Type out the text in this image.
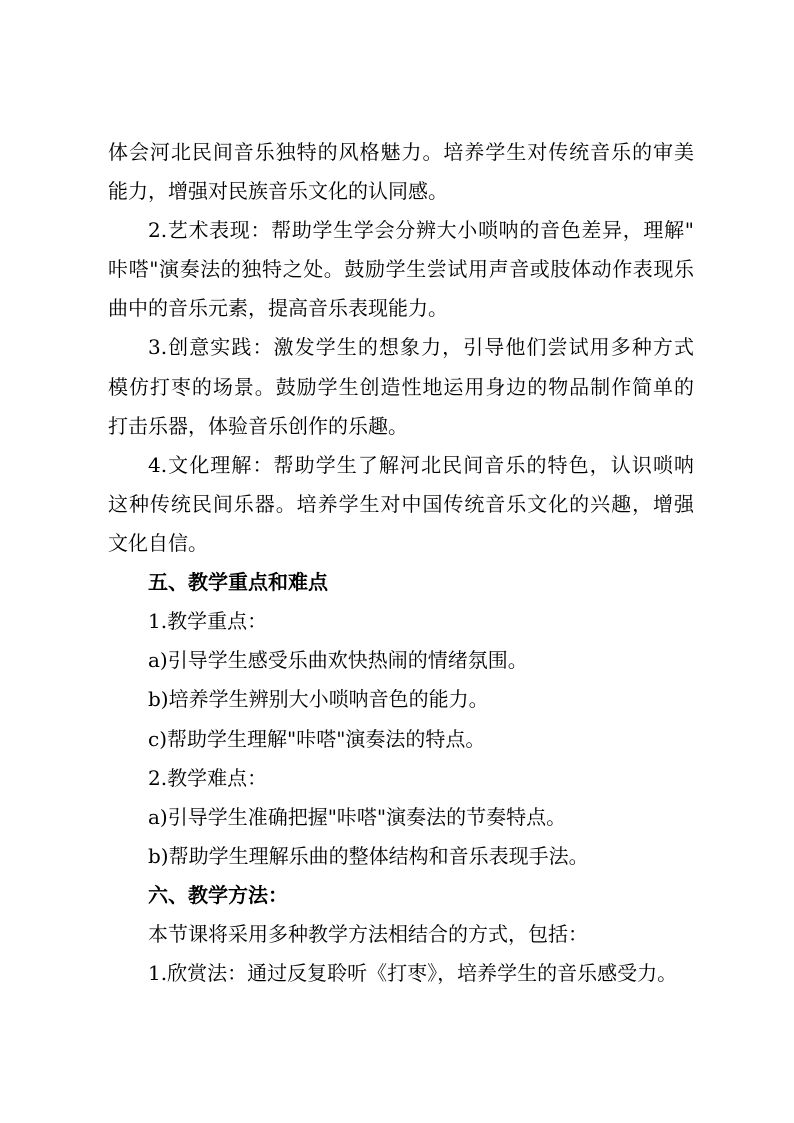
体会河北民间音乐独特的风格魅力。培养学生对传统音乐的审美
能力，增强对民族音乐文化的认同感。
2.艺术表现：帮助学生学会分辨大小唢呐的音色差异，理解"
咔嗒"演奏法的独特之处。鼓励学生尝试用声音或肢体动作表现乐
曲中的音乐元素，提高音乐表现能力。
3.创意实践：激发学生的想象力，引导他们尝试用多种方式
模仿打枣的场景。鼓励学生创造性地运用身边的物品制作简单的
打击乐器，体验音乐创作的乐趣。
4.文化理解：帮助学生了解河北民间音乐的特色，认识唢呐
这种传统民间乐器。培养学生对中国传统音乐文化的兴趣，增强
文化自信。
五、教学重点和难点
1.教学重点：
a)引导学生感受乐曲欢快热闹的情绪氛围。
b)培养学生辨别大小唢呐音色的能力。
c)帮助学生理解"咔嗒"演奏法的特点。
2.教学难点：
a)引导学生准确把握"咔嗒"演奏法的节奏特点。
b)帮助学生理解乐曲的整体结构和音乐表现手法。
六、教学方法：
本节课将采用多种教学方法相结合的方式，包括：
1.欣赏法：通过反复聆听《打枣》，培养学生的音乐感受力。
